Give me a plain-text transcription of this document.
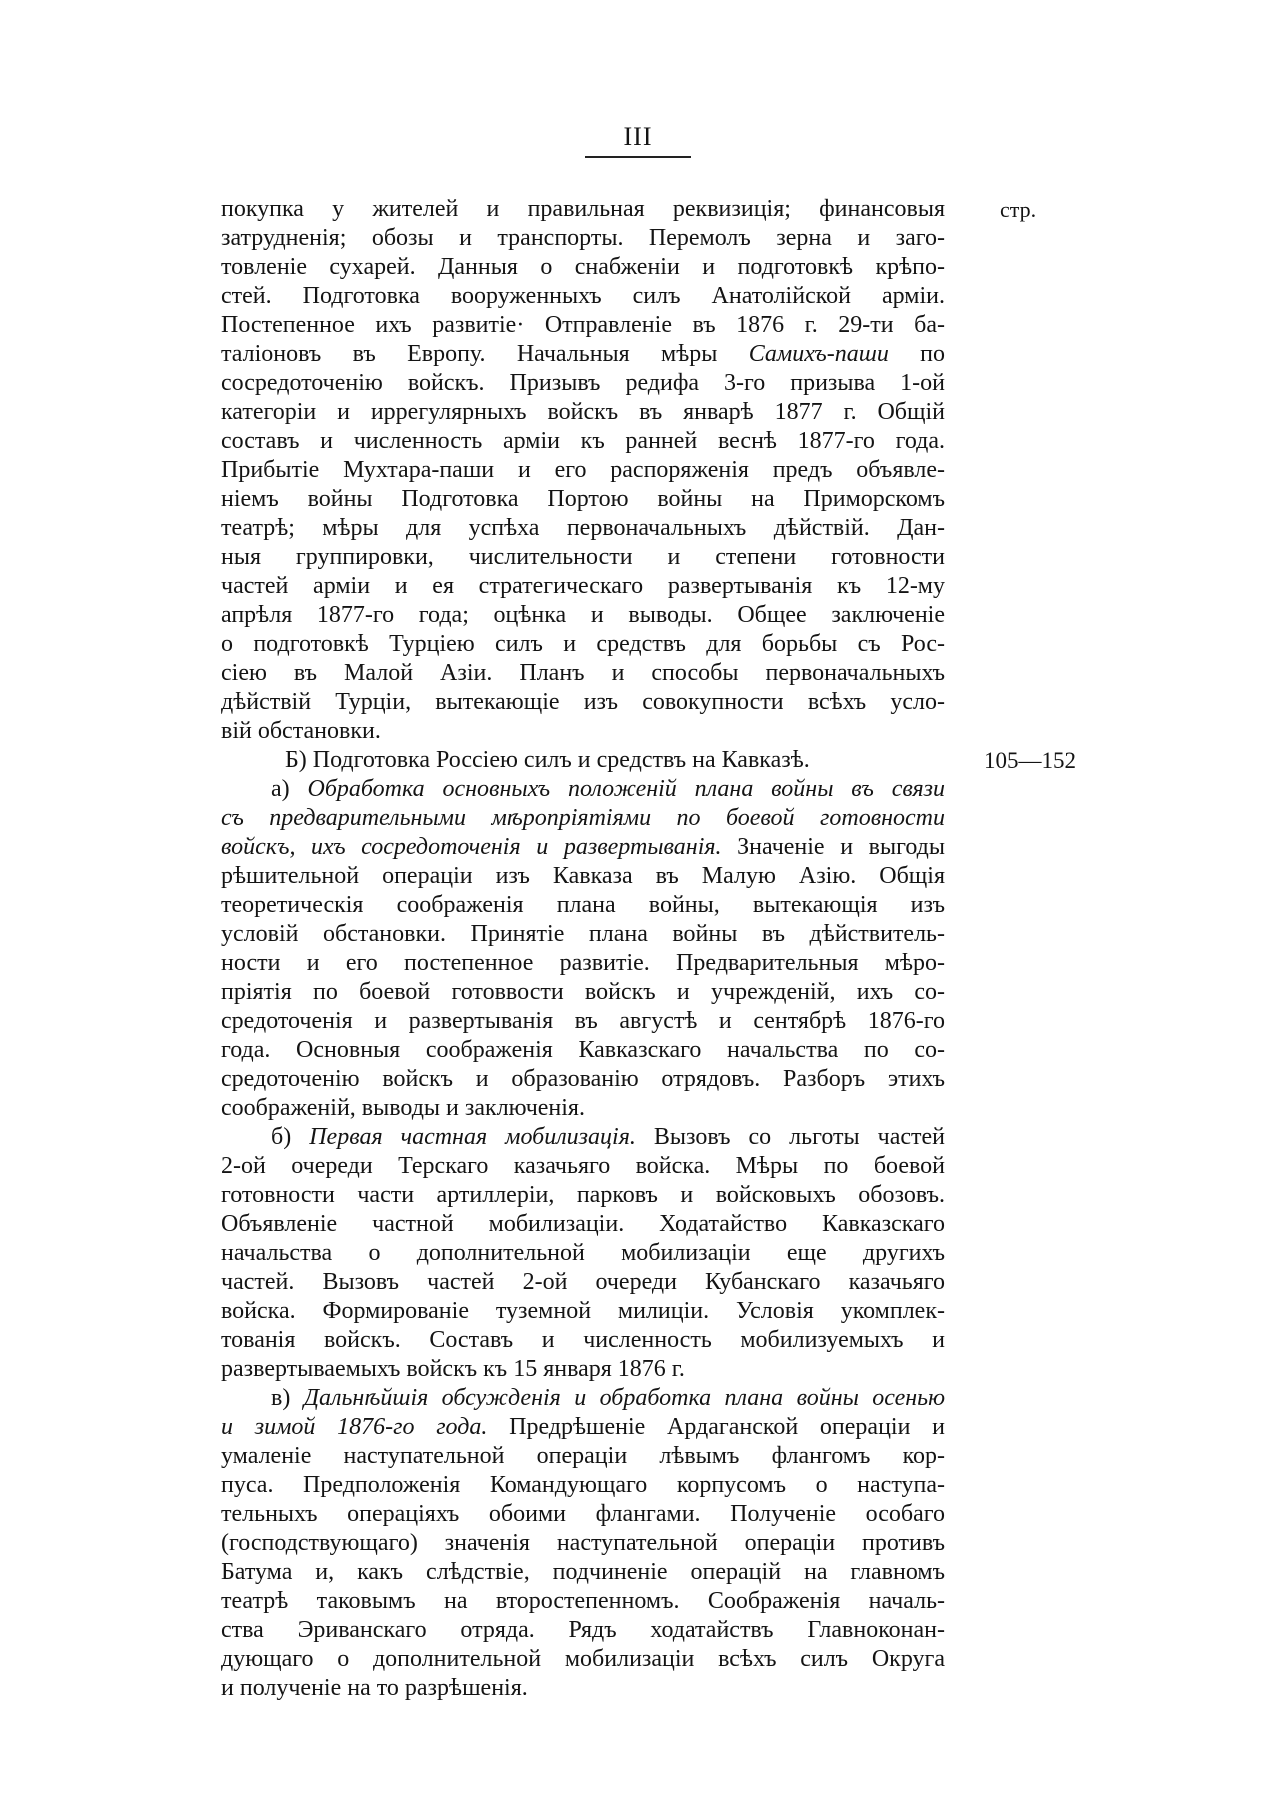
III
стр.
105—152
покупка у жителей и правильная реквизиція; финансовыя
затрудненія; обозы и транспорты. Перемолъ зерна и заго-
товленіе сухарей. Данныя о снабженіи и подготовкѣ крѣпо-
стей. Подготовка вооруженныхъ силъ Анатолійской арміи.
Постепенное ихъ развитіе· Отправленіе въ 1876 г. 29-ти ба-
таліоновъ въ Европу. Начальныя мѣры Самихъ-паши по
сосредоточенію войскъ. Призывъ редифа 3-го призыва 1-ой
категоріи и иррегулярныхъ войскъ въ январѣ 1877 г. Общій
составъ и численность арміи къ ранней веснѣ 1877-го года.
Прибытіе Мухтара-паши и его распоряженія предъ объявле-
ніемъ войны Подготовка Портою войны на Приморскомъ
театрѣ; мѣры для успѣха первоначальныхъ дѣйствій. Дан-
ныя группировки, числительности и степени готовности
частей арміи и ея стратегическаго развертыванія къ 12-му
апрѣля 1877-го года; оцѣнка и выводы. Общее заключеніе
о подготовкѣ Турціею силъ и средствъ для борьбы съ Рос-
сіею въ Малой Азіи. Планъ и способы первоначальныхъ
дѣйствій Турціи, вытекающіе изъ совокупности всѣхъ усло-
вій обстановки.
Б) Подготовка Россіею силъ и средствъ на Кавказѣ.
а) Обработка основныхъ положеній плана войны въ связи
съ предварительными мѣропріятіями по боевой готовности
войскъ, ихъ сосредоточенія и развертыванія. Значеніе и выгоды
рѣшительной операціи изъ Кавказа въ Малую Азію. Общія
теоретическія соображенія плана войны, вытекающія изъ
условій обстановки. Принятіе плана войны въ дѣйствитель-
ности и его постепенное развитіе. Предварительныя мѣро-
пріятія по боевой готоввости войскъ и учрежденій, ихъ со-
средоточенія и развертыванія въ августѣ и сентябрѣ 1876-го
года. Основныя соображенія Кавказскаго начальства по со-
средоточенію войскъ и образованію отрядовъ. Разборъ этихъ
соображеній, выводы и заключенія.
б) Первая частная мобилизація. Вызовъ со льготы частей
2-ой очереди Терскаго казачьяго войска. Мѣры по боевой
готовности части артиллеріи, парковъ и войсковыхъ обозовъ.
Объявленіе частной мобилизаціи. Ходатайство Кавказскаго
начальства о дополнительной мобилизаціи еще другихъ
частей. Вызовъ частей 2-ой очереди Кубанскаго казачьяго
войска. Формированіе туземной милиціи. Условія укомплек-
тованія войскъ. Составъ и численность мобилизуемыхъ и
развертываемыхъ войскъ къ 15 января 1876 г.
в) Дальнѣйшія обсужденія и обработка плана войны осенью
и зимой 1876-го года. Предрѣшеніе Ардаганской операціи и
умаленіе наступательной операціи лѣвымъ флангомъ кор-
пуса. Предположенія Командующаго корпусомъ о наступа-
тельныхъ операціяхъ обоими флангами. Полученіе особаго
(господствующаго) значенія наступательной операціи противъ
Батума и, какъ слѣдствіе, подчиненіе операцій на главномъ
театрѣ таковымъ на второстепенномъ. Соображенія началь-
ства Эриванскаго отряда. Рядъ ходатайствъ Главноконан-
дующаго о дополнительной мобилизаціи всѣхъ силъ Округа
и полученіе на то разрѣшенія.
